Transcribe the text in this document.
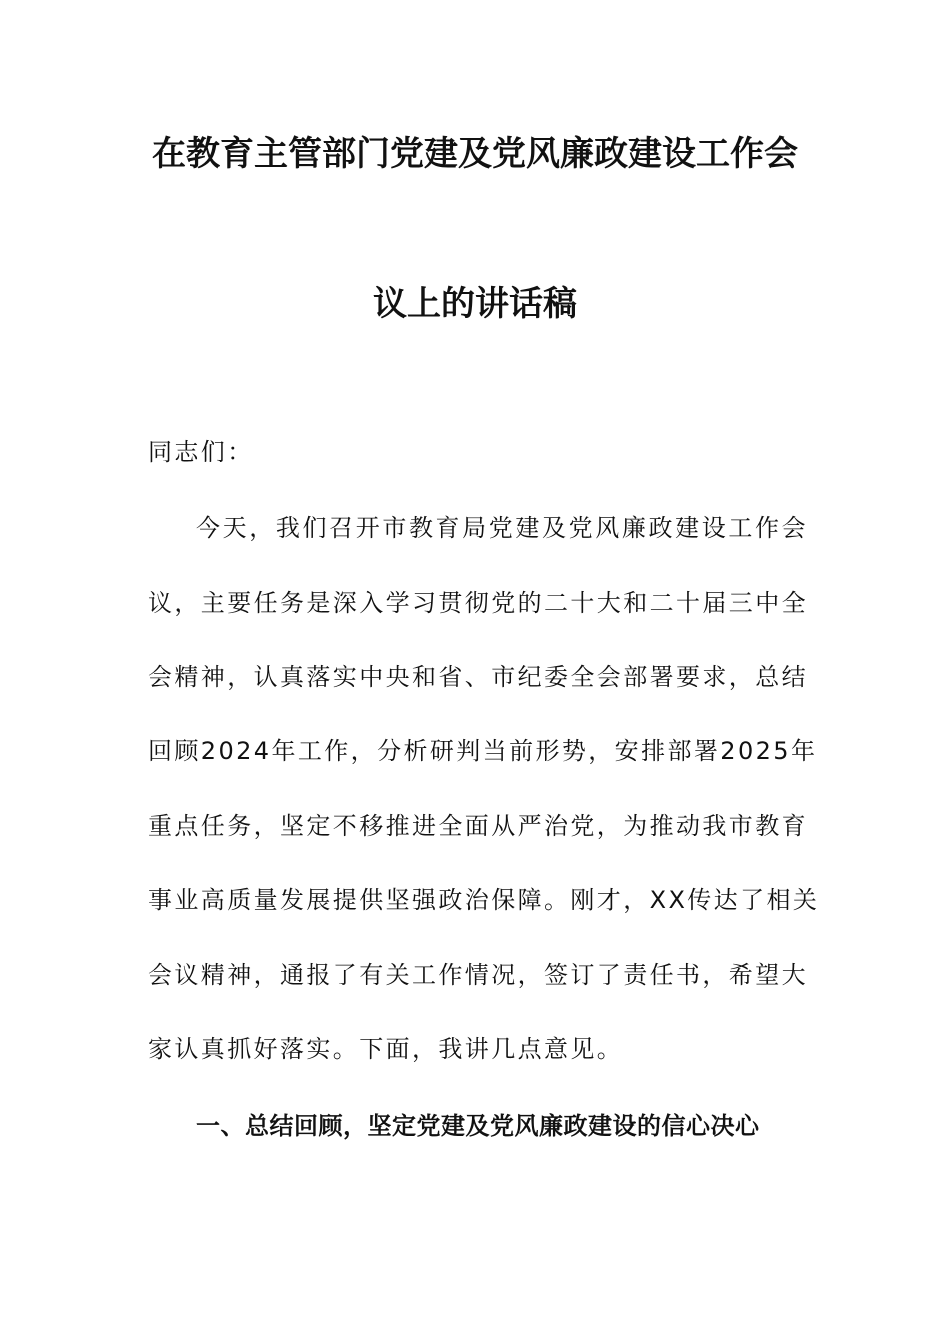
在教育主管部门党建及党风廉政建设工作会
议上的讲话稿
同志们：
今天，我们召开市教育局党建及党风廉政建设工作会
议，主要任务是深入学习贯彻党的二十大和二十届三中全
会精神，认真落实中央和省、市纪委全会部署要求，总结
回顾2024年工作，分析研判当前形势，安排部署2025年
重点任务，坚定不移推进全面从严治党，为推动我市教育
事业高质量发展提供坚强政治保障。刚才，XX传达了相关
会议精神，通报了有关工作情况，签订了责任书，希望大
家认真抓好落实。下面，我讲几点意见。
一、总结回顾，坚定党建及党风廉政建设的信心决心
